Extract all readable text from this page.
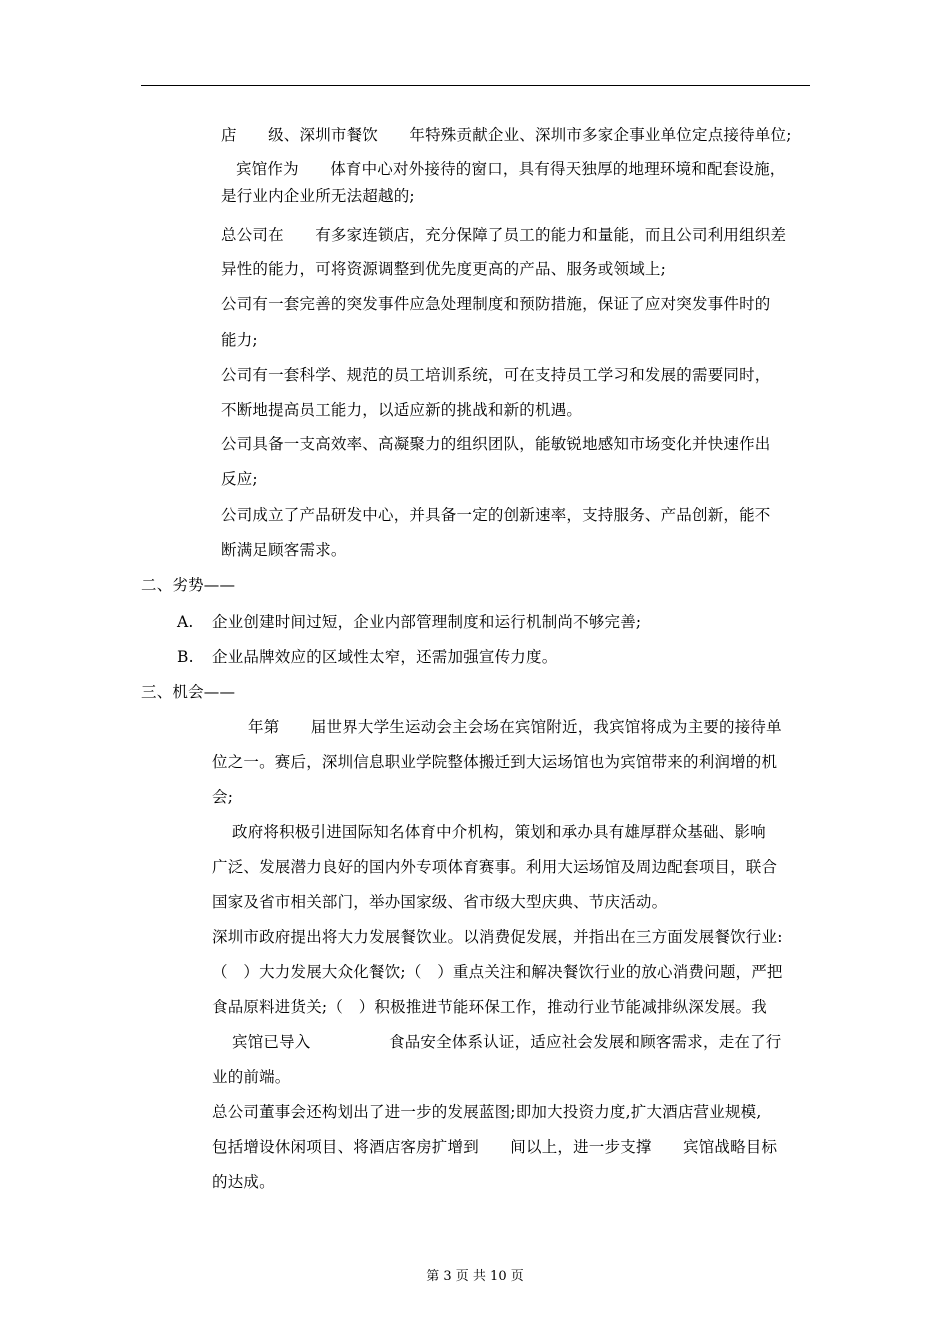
店　　级、深圳市餐饮　　年特殊贡献企业、深圳市多家企事业单位定点接待单位;
宾馆作为　　体育中心对外接待的窗口，具有得天独厚的地理环境和配套设施，
是行业内企业所无法超越的;
总公司在　　有多家连锁店，充分保障了员工的能力和量能，而且公司利用组织差
异性的能力，可将资源调整到优先度更高的产品、服务或领域上;
公司有一套完善的突发事件应急处理制度和预防措施，保证了应对突发事件时的
能力;
公司有一套科学、规范的员工培训系统，可在支持员工学习和发展的需要同时，
不断地提高员工能力，以适应新的挑战和新的机遇。
公司具备一支高效率、高凝聚力的组织团队，能敏锐地感知市场变化并快速作出
反应;
公司成立了产品研发中心，并具备一定的创新速率，支持服务、产品创新，能不
断满足顾客需求。
二、劣势——
A. 企业创建时间过短，企业内部管理制度和运行机制尚不够完善;
B. 企业品牌效应的区域性太窄，还需加强宣传力度。
三、机会——
年第　　届世界大学生运动会主会场在宾馆附近，我宾馆将成为主要的接待单
位之一。赛后，深圳信息职业学院整体搬迁到大运场馆也为宾馆带来的利润增的机
会;
政府将积极引进国际知名体育中介机构，策划和承办具有雄厚群众基础、影响
广泛、发展潜力良好的国内外专项体育赛事。利用大运场馆及周边配套项目，联合
国家及省市相关部门，举办国家级、省市级大型庆典、节庆活动。
深圳市政府提出将大力发展餐饮业。以消费促发展，并指出在三方面发展餐饮行业:
（　）大力发展大众化餐饮;（　）重点关注和解决餐饮行业的放心消费问题，严把
食品原料进货关;（　）积极推进节能环保工作，推动行业节能减排纵深发展。我
宾馆已导入　　　　　食品安全体系认证，适应社会发展和顾客需求，走在了行
业的前端。
总公司董事会还构划出了进一步的发展蓝图;即加大投资力度,扩大酒店营业规模,
包括增设休闲项目、将酒店客房扩增到　　间以上，进一步支撑　　宾馆战略目标
的达成。
第 3 页 共 10 页
